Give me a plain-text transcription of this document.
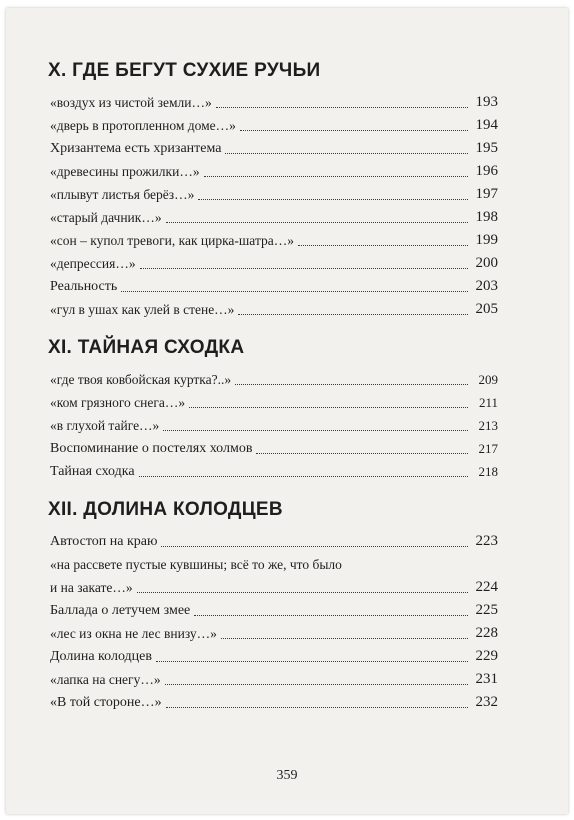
X. ГДЕ БЕГУТ СУХИЕ РУЧЬИ
«воздух из чистой земли…»	193
«дверь в протопленном доме…»	194
Хризантема есть хризантема	195
«древесины прожилки…»	196
«плывут листья берёз…»	197
«старый дачник…»	198
«сон – купол тревоги, как цирка-шатра…»	199
«депрессия…»	200
Реальность	203
«гул в ушах как улей в стене…»	205
XI. ТАЙНАЯ СХОДКА
«где твоя ковбойская куртка?..»	209
«ком грязного снега…»	211
«в глухой тайге…»	213
Воспоминание о постелях холмов	217
Тайная сходка	218
XII. ДОЛИНА КОЛОДЦЕВ
Автостоп на краю	223
«на рассвете пустые кувшины; всё то же, что было
и на закате…»	224
Баллада о летучем змее	225
«лес из окна не лес внизу…»	228
Долина колодцев	229
«лапка на снегу…»	231
«В той стороне…»	232
359
